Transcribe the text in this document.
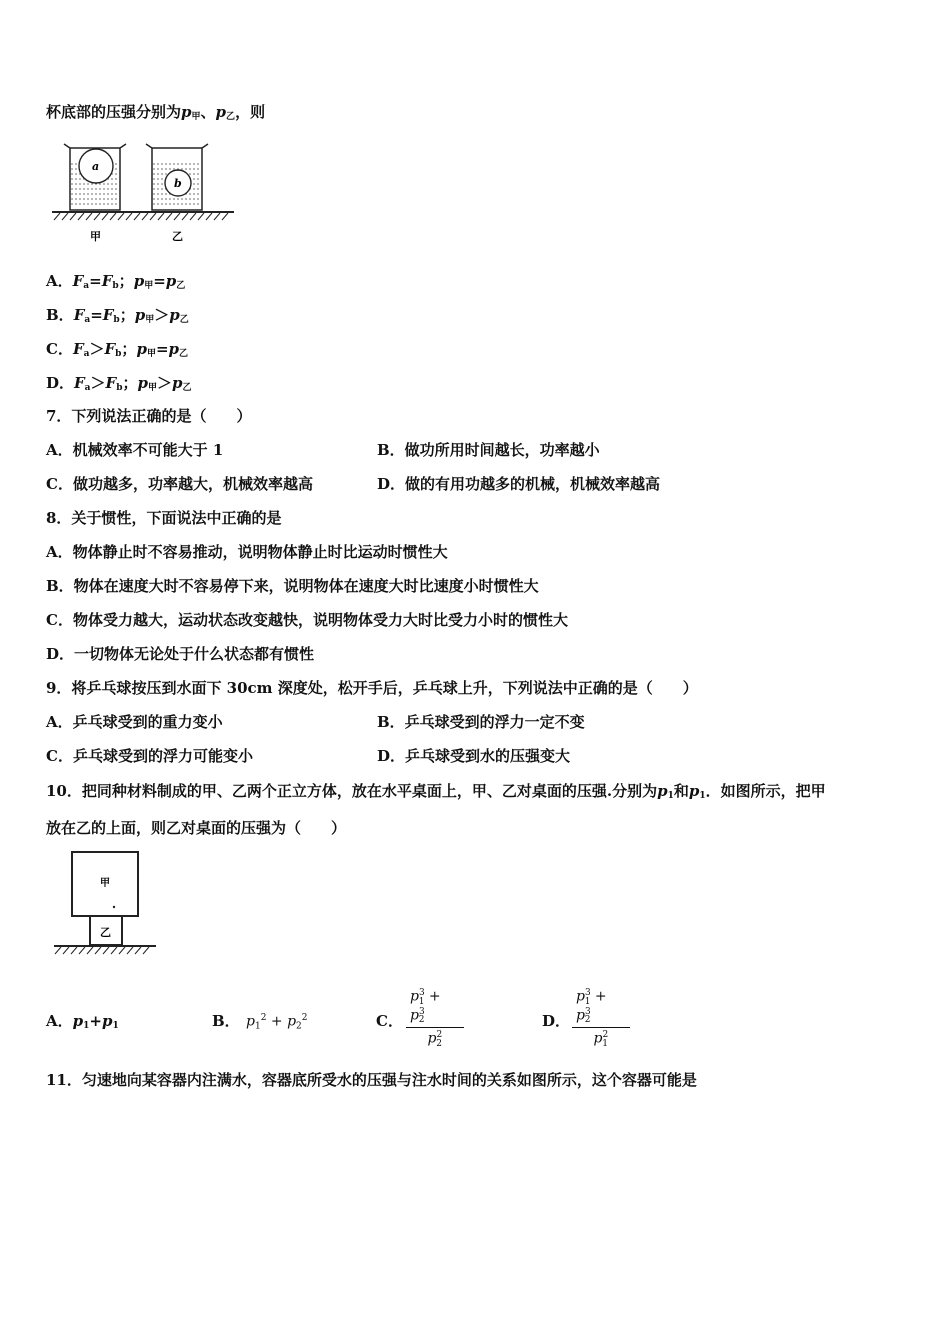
杯底部的压强分别为$p_甲$、$p_乙$，则
a
b
甲	乙
A．$F_a=F_b$；$p_甲=p_乙$
B．$F_a=F_b$；$p_甲>p_乙$
C．$F_a>F_b$；$p_甲=p_乙$
D．$F_a>F_b$；$p_甲>p_乙$
7．下列说法正确的是（　　）
A．机械效率不可能大于 1	B．做功所用时间越长，功率越小
C．做功越多，功率越大，机械效率越高	D．做的有用功越多的机械，机械效率越高
8．关于惯性，下面说法中正确的是
A．物体静止时不容易推动，说明物体静止时比运动时惯性大
B．物体在速度大时不容易停下来，说明物体在速度大时比速度小时惯性大
C．物体受力越大，运动状态改变越快，说明物体受力大时比受力小时的惯性大
D．一切物体无论处于什么状态都有惯性
9．将乒乓球按压到水面下 30cm 深度处，松开手后，乒乓球上升，下列说法中正确的是（　　）
A．乒乓球受到的重力变小	B．乒乓球受到的浮力一定不变
C．乒乓球受到的浮力可能变小	D．乒乓球受到水的压强变大
10．把同种材料制成的甲、乙两个正立方体，放在水平桌面上，甲、乙对桌面的压强.分别为$p_1$和$p_1$．如图所示，把甲
放在乙的上面，则乙对桌面的压强为（　　）
甲
乙
A．$p_1+p_1$	B． $p_1^2 + p_2^2$	C． $\frac{p^3_1 + p^3_2}{p^2_2}$	D． $\frac{p^3_1 + p^3_2}{p^2_1}$
11．匀速地向某容器内注满水，容器底所受水的压强与注水时间的关系如图所示，这个容器可能是
